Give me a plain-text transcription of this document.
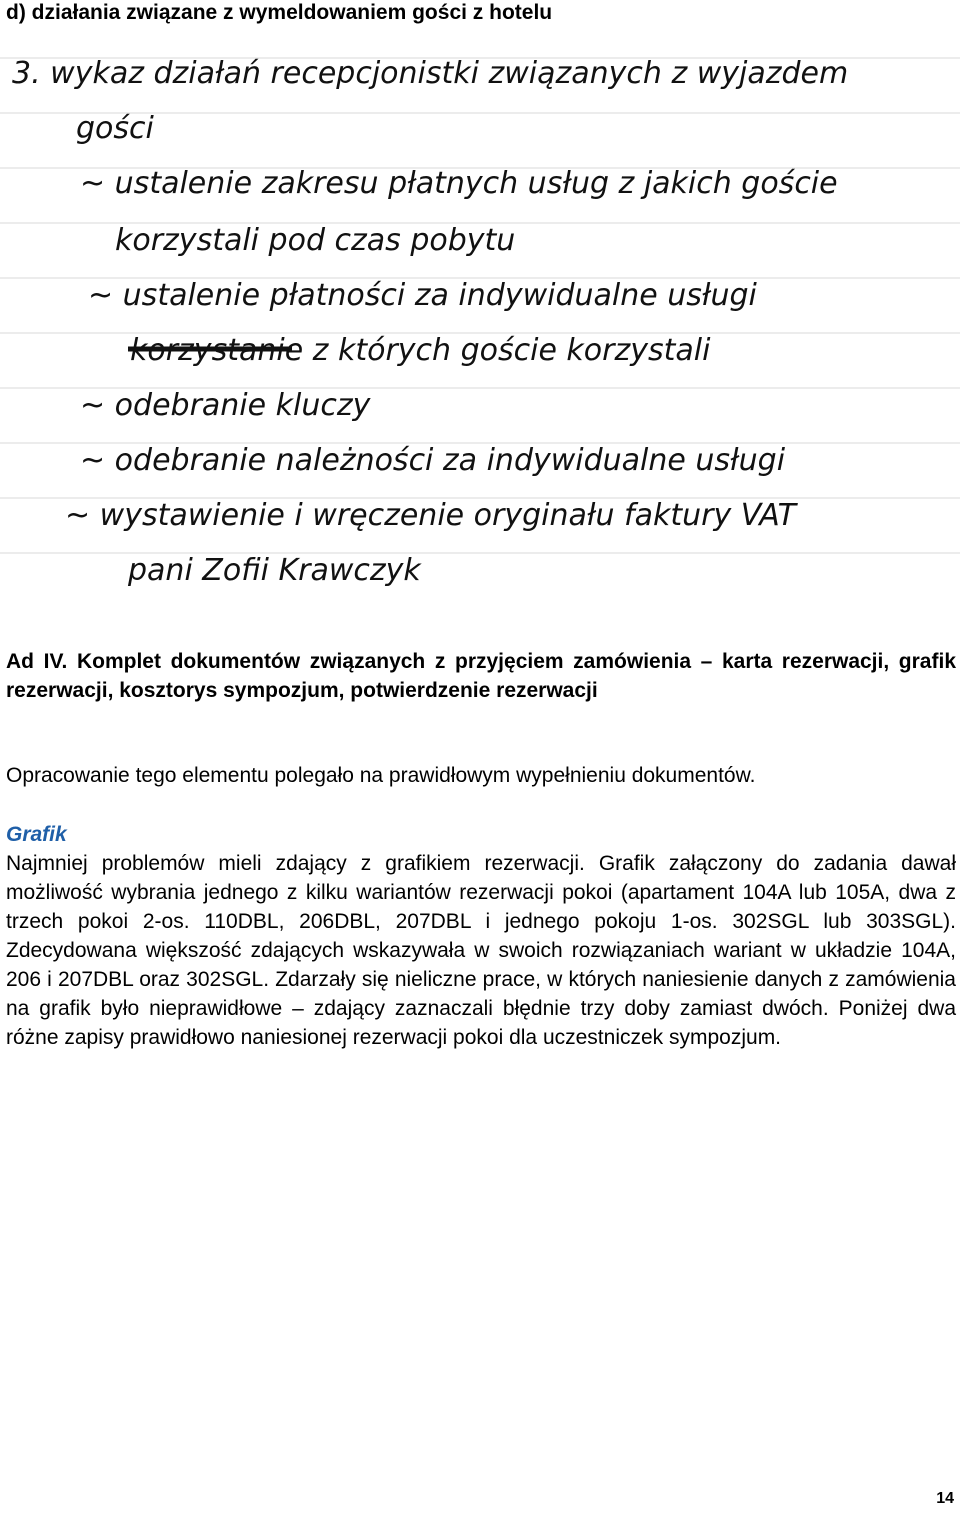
d) działania związane z wymeldowaniem gości z hotelu

3. wykaz działań recepcjonistki związanych z wyjazdem
gości
~ ustalenie zakresu płatnych usług z jakich goście
korzystali pod czas pobytu
~ ustalenie płatności za indywidualne usługi
korzystanie z których goście korzystali
~ odebranie kluczy
~ odebranie należności za indywidualne usługi
~ wystawienie i wręczenie oryginału faktury VAT
pani Zofii Krawczyk

Ad IV. Komplet dokumentów związanych z przyjęciem zamówienia – karta rezerwacji, grafik rezerwacji, kosztorys sympozjum, potwierdzenie rezerwacji

Opracowanie tego elementu polegało na prawidłowym wypełnieniu dokumentów.

Grafik

Najmniej problemów mieli zdający z grafikiem rezerwacji. Grafik załączony do zadania dawał możliwość wybrania jednego z kilku wariantów rezerwacji pokoi (apartament 104A lub 105A, dwa z trzech pokoi 2-os. 110DBL, 206DBL, 207DBL i jednego pokoju 1-os. 302SGL lub 303SGL). Zdecydowana większość zdających wskazywała w swoich rozwiązaniach wariant w układzie 104A, 206 i 207DBL oraz 302SGL. Zdarzały się nieliczne prace, w których naniesienie danych z zamówienia na grafik było nieprawidłowe – zdający zaznaczali błędnie trzy doby zamiast dwóch. Poniżej dwa różne zapisy prawidłowo naniesionej rezerwacji pokoi dla uczestniczek sympozjum.

14
